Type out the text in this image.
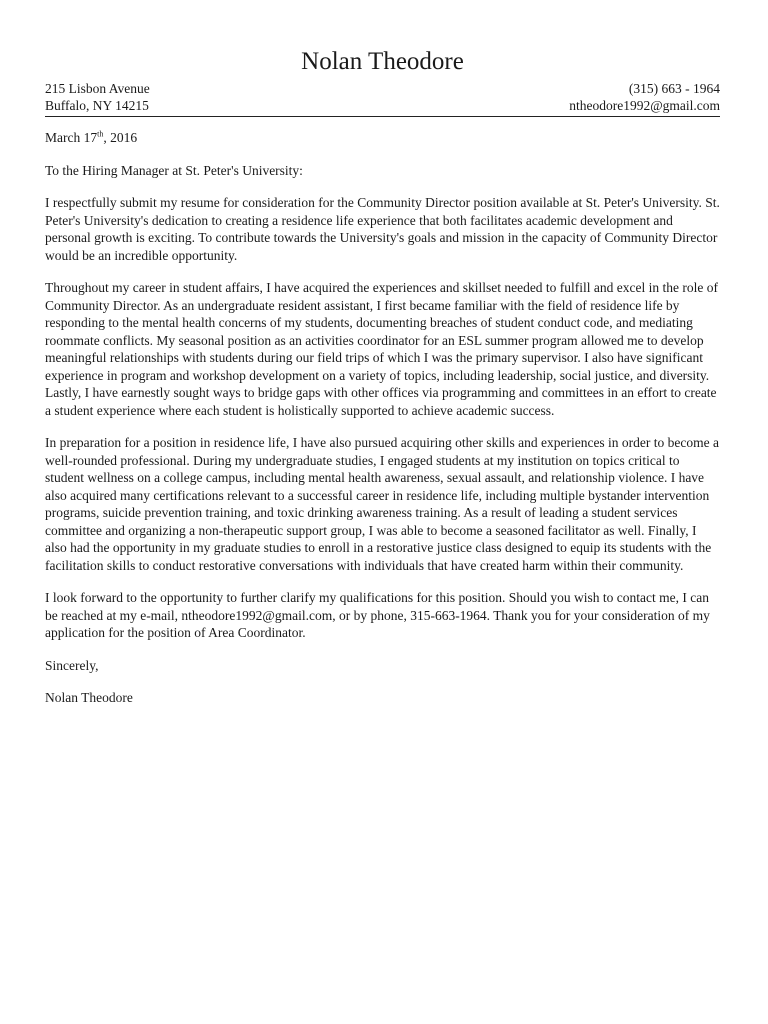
Nolan Theodore
215 Lisbon Avenue
Buffalo, NY 14215
(315) 663 - 1964
ntheodore1992@gmail.com
March 17th, 2016
To the Hiring Manager at St. Peter's University:

I respectfully submit my resume for consideration for the Community Director position available at St. Peter's University. St. Peter's University's dedication to creating a residence life experience that both facilitates academic development and personal growth is exciting. To contribute towards the University's goals and mission in the capacity of Community Director would be an incredible opportunity.

Throughout my career in student affairs, I have acquired the experiences and skillset needed to fulfill and excel in the role of Community Director. As an undergraduate resident assistant, I first became familiar with the field of residence life by responding to the mental health concerns of my students, documenting breaches of student conduct code, and mediating roommate conflicts. My seasonal position as an activities coordinator for an ESL summer program allowed me to develop meaningful relationships with students during our field trips of which I was the primary supervisor. I also have significant experience in program and workshop development on a variety of topics, including leadership, social justice, and diversity. Lastly, I have earnestly sought ways to bridge gaps with other offices via programming and committees in an effort to create a student experience where each student is holistically supported to achieve academic success.

In preparation for a position in residence life, I have also pursued acquiring other skills and experiences in order to become a well-rounded professional. During my undergraduate studies, I engaged students at my institution on topics critical to student wellness on a college campus, including mental health awareness, sexual assault, and relationship violence. I have also acquired many certifications relevant to a successful career in residence life, including multiple bystander intervention programs, suicide prevention training, and toxic drinking awareness training. As a result of leading a student services committee and organizing a non-therapeutic support group, I was able to become a seasoned facilitator as well. Finally, I also had the opportunity in my graduate studies to enroll in a restorative justice class designed to equip its students with the facilitation skills to conduct restorative conversations with individuals that have created harm within their community.

I look forward to the opportunity to further clarify my qualifications for this position. Should you wish to contact me, I can be reached at my e-mail, ntheodore1992@gmail.com, or by phone, 315-663-1964. Thank you for your consideration of my application for the position of Area Coordinator.

Sincerely,
Nolan Theodore
